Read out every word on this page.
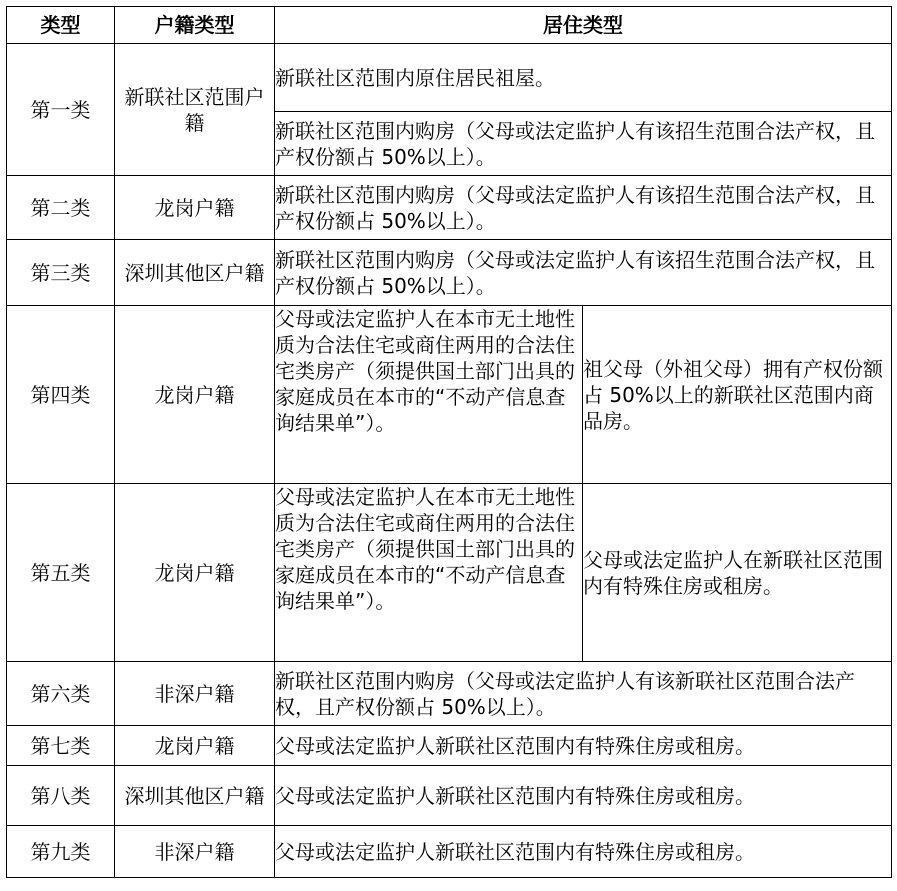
类型	户籍类型	居住类型	
第一类	新联社区范围户籍	新联社区范围内原住居民祖屋。	
		新联社区范围内购房（父母或法定监护人有该招生范围合法产权，且产权份额占 50%以上）。	
第二类	龙岗户籍	新联社区范围内购房（父母或法定监护人有该招生范围合法产权，且产权份额占 50%以上）。	
第三类	深圳其他区户籍	新联社区范围内购房（父母或法定监护人有该招生范围合法产权，且产权份额占 50%以上）。	
第四类	龙岗户籍	父母或法定监护人在本市无土地性质为合法住宅或商住两用的合法住宅类房产（须提供国土部门出具的家庭成员在本市的“不动产信息查询结果单”）。	祖父母（外祖父母）拥有产权份额占 50%以上的新联社区范围内商品房。
第五类	龙岗户籍	父母或法定监护人在本市无土地性质为合法住宅或商住两用的合法住宅类房产（须提供国土部门出具的家庭成员在本市的“不动产信息查询结果单”）。	父母或法定监护人在新联社区范围内有特殊住房或租房。
第六类	非深户籍	新联社区范围内购房（父母或法定监护人有该新联社区范围合法产权，且产权份额占 50%以上）。	
第七类	龙岗户籍	父母或法定监护人新联社区范围内有特殊住房或租房。	
第八类	深圳其他区户籍	父母或法定监护人新联社区范围内有特殊住房或租房。	
第九类	非深户籍	父母或法定监护人新联社区范围内有特殊住房或租房。	
